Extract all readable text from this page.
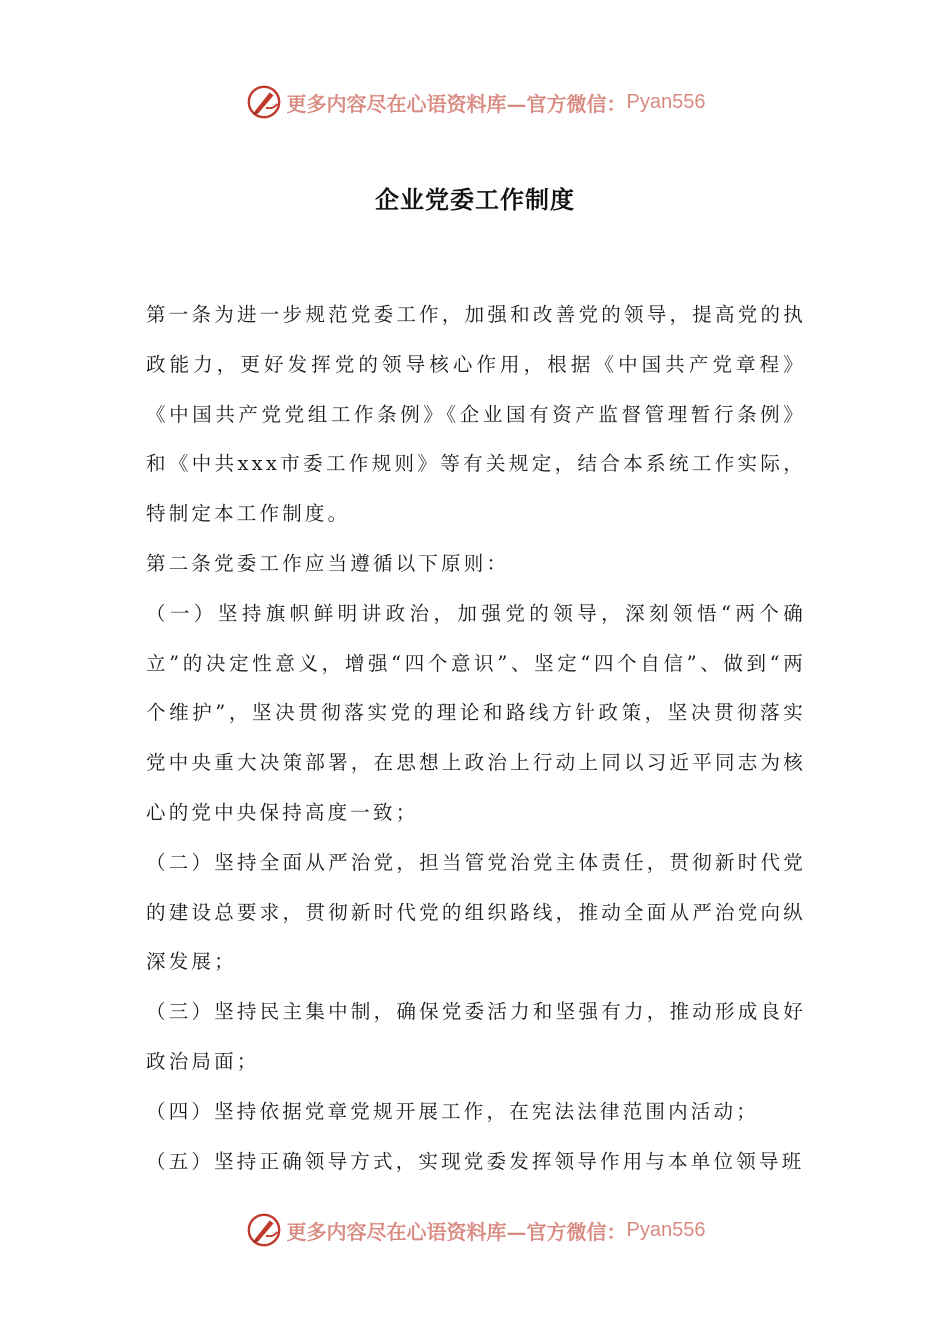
更多内容尽在心语资料库—官方微信： Pyan556
企业党委工作制度

第一条为进一步规范党委工作，加强和改善党的领导，提高党的执政能力，更好发挥党的领导核心作用，根据《中国共产党章程》《中国共产党党组工作条例》《企业国有资产监督管理暂行条例》和《中共xxx市委工作规则》等有关规定，结合本系统工作实际，特制定本工作制度。

第二条党委工作应当遵循以下原则：

（一）坚持旗帜鲜明讲政治，加强党的领导，深刻领悟“两个确立”的决定性意义，增强“四个意识”、坚定“四个自信”、做到“两个维护”，坚决贯彻落实党的理论和路线方针政策，坚决贯彻落实党中央重大决策部署，在思想上政治上行动上同以习近平同志为核心的党中央保持高度一致；

（二）坚持全面从严治党，担当管党治党主体责任，贯彻新时代党的建设总要求，贯彻新时代党的组织路线，推动全面从严治党向纵深发展；

（三）坚持民主集中制，确保党委活力和坚强有力，推动形成良好政治局面；

（四）坚持依据党章党规开展工作，在宪法法律范围内活动；

（五）坚持正确领导方式，实现党委发挥领导作用与本单位领导班

更多内容尽在心语资料库—官方微信： Pyan556
